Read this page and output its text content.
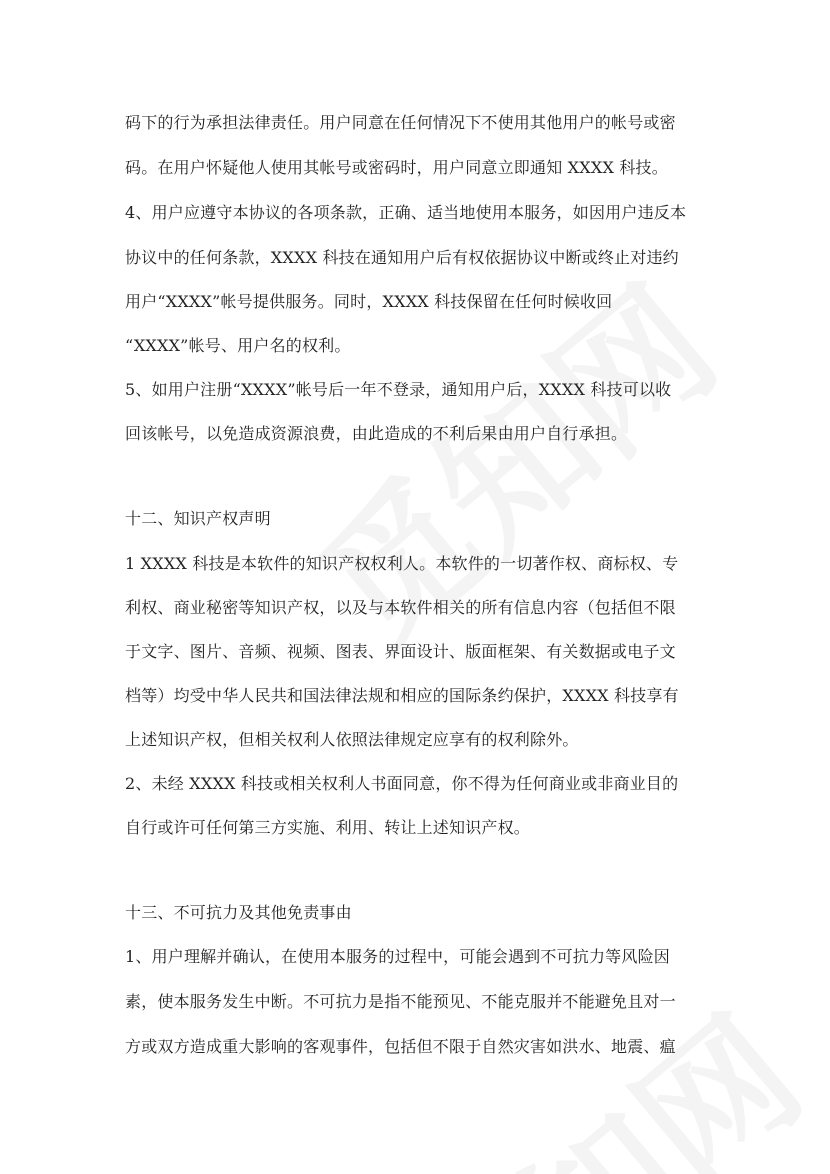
码下的行为承担法律责任。用户同意在任何情况下不使用其他用户的帐号或密
码。在用户怀疑他人使用其帐号或密码时，用户同意立即通知 XXXX 科技。
4、用户应遵守本协议的各项条款，正确、适当地使用本服务，如因用户违反本
协议中的任何条款，XXXX 科技在通知用户后有权依据协议中断或终止对违约
用户“XXXX”帐号提供服务。同时，XXXX 科技保留在任何时候收回
“XXXX”帐号、用户名的权利。
5、如用户注册“XXXX”帐号后一年不登录，通知用户后，XXXX 科技可以收
回该帐号，以免造成资源浪费，由此造成的不利后果由用户自行承担。
十二、知识产权声明
1 XXXX 科技是本软件的知识产权权利人。本软件的一切著作权、商标权、专
利权、商业秘密等知识产权，以及与本软件相关的所有信息内容（包括但不限
于文字、图片、音频、视频、图表、界面设计、版面框架、有关数据或电子文
档等）均受中华人民共和国法律法规和相应的国际条约保护，XXXX 科技享有
上述知识产权，但相关权利人依照法律规定应享有的权利除外。
2、未经 XXXX 科技或相关权利人书面同意，你不得为任何商业或非商业目的
自行或许可任何第三方实施、利用、转让上述知识产权。
十三、不可抗力及其他免责事由
1、用户理解并确认，在使用本服务的过程中，可能会遇到不可抗力等风险因
素，使本服务发生中断。不可抗力是指不能预见、不能克服并不能避免且对一
方或双方造成重大影响的客观事件，包括但不限于自然灾害如洪水、地震、瘟
